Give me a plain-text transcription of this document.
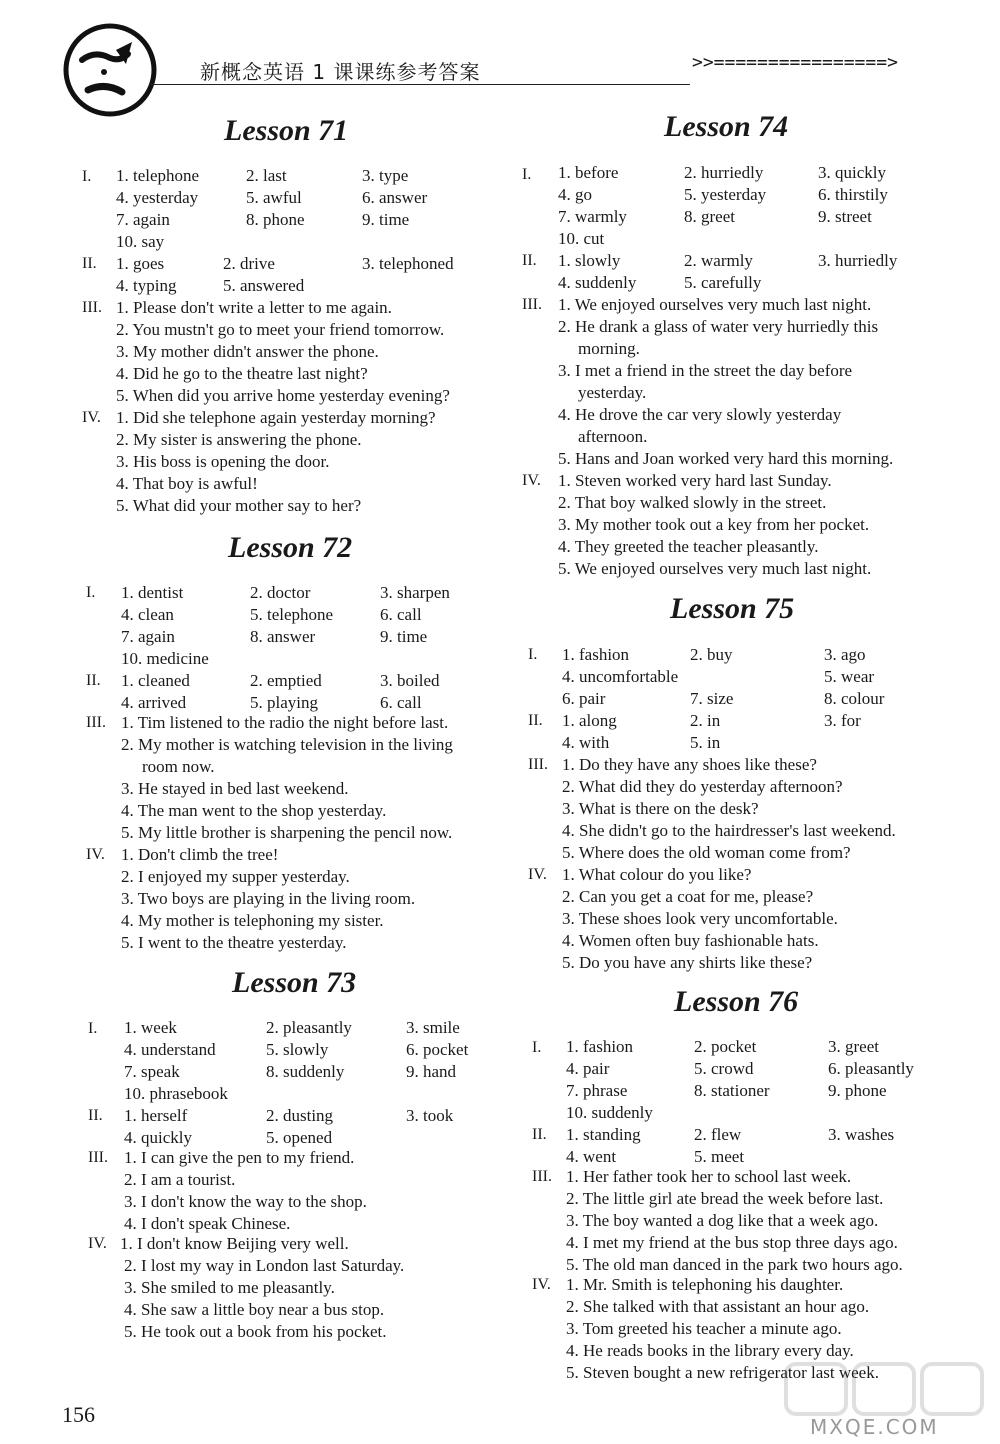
新概念英语 1 课课练参考答案	>>================>
Lesson 71
I. 1. telephone	2. last	3. type
4. yesterday	5. awful	6. answer
7. again	8. phone	9. time
10. say
II. 1. goes	2. drive	3. telephoned
4. typing	5. answered
III. 1. Please don't write a letter to me again.
2. You mustn't go to meet your friend tomorrow.
3. My mother didn't answer the phone.
4. Did he go to the theatre last night?
5. When did you arrive home yesterday evening?
IV. 1. Did she telephone again yesterday morning?
2. My sister is answering the phone.
3. His boss is opening the door.
4. That boy is awful!
5. What did your mother say to her?
Lesson 72
I. 1. dentist	2. doctor	3. sharpen
4. clean	5. telephone	6. call
7. again	8. answer	9. time
10. medicine
II. 1. cleaned	2. emptied	3. boiled
4. arrived	5. playing	6. call
III. 1. Tim listened to the radio the night before last.
2. My mother is watching television in the living
room now.
3. He stayed in bed last weekend.
4. The man went to the shop yesterday.
5. My little brother is sharpening the pencil now.
IV. 1. Don't climb the tree!
2. I enjoyed my supper yesterday.
3. Two boys are playing in the living room.
4. My mother is telephoning my sister.
5. I went to the theatre yesterday.
Lesson 73
I. 1. week	2. pleasantly	3. smile
4. understand	5. slowly	6. pocket
7. speak	8. suddenly	9. hand
10. phrasebook
II. 1. herself	2. dusting	3. took
4. quickly	5. opened
III. 1. I can give the pen to my friend.
2. I am a tourist.
3. I don't know the way to the shop.
4. I don't speak Chinese.
IV. 1. I don't know Beijing very well.
2. I lost my way in London last Saturday.
3. She smiled to me pleasantly.
4. She saw a little boy near a bus stop.
5. He took out a book from his pocket.
Lesson 74
I. 1. before	2. hurriedly	3. quickly
4. go	5. yesterday	6. thirstily
7. warmly	8. greet	9. street
10. cut
II. 1. slowly	2. warmly	3. hurriedly
4. suddenly	5. carefully
III. 1. We enjoyed ourselves very much last night.
2. He drank a glass of water very hurriedly this
morning.
3. I met a friend in the street the day before
yesterday.
4. He drove the car very slowly yesterday
afternoon.
5. Hans and Joan worked very hard this morning.
IV. 1. Steven worked very hard last Sunday.
2. That boy walked slowly in the street.
3. My mother took out a key from her pocket.
4. They greeted the teacher pleasantly.
5. We enjoyed ourselves very much last night.
Lesson 75
I. 1. fashion	2. buy	3. ago
4. uncomfortable	5. wear
6. pair	7. size	8. colour
II. 1. along	2. in	3. for
4. with	5. in
III. 1. Do they have any shoes like these?
2. What did they do yesterday afternoon?
3. What is there on the desk?
4. She didn't go to the hairdresser's last weekend.
5. Where does the old woman come from?
IV. 1. What colour do you like?
2. Can you get a coat for me, please?
3. These shoes look very uncomfortable.
4. Women often buy fashionable hats.
5. Do you have any shirts like these?
Lesson 76
I. 1. fashion	2. pocket	3. greet
4. pair	5. crowd	6. pleasantly
7. phrase	8. stationer	9. phone
10. suddenly
II. 1. standing	2. flew	3. washes
4. went	5. meet
III. 1. Her father took her to school last week.
2. The little girl ate bread the week before last.
3. The boy wanted a dog like that a week ago.
4. I met my friend at the bus stop three days ago.
5. The old man danced in the park two hours ago.
IV. 1. Mr. Smith is telephoning his daughter.
2. She talked with that assistant an hour ago.
3. Tom greeted his teacher a minute ago.
4. He reads books in the library every day.
5. Steven bought a new refrigerator last week.
156	MXQE.COM
